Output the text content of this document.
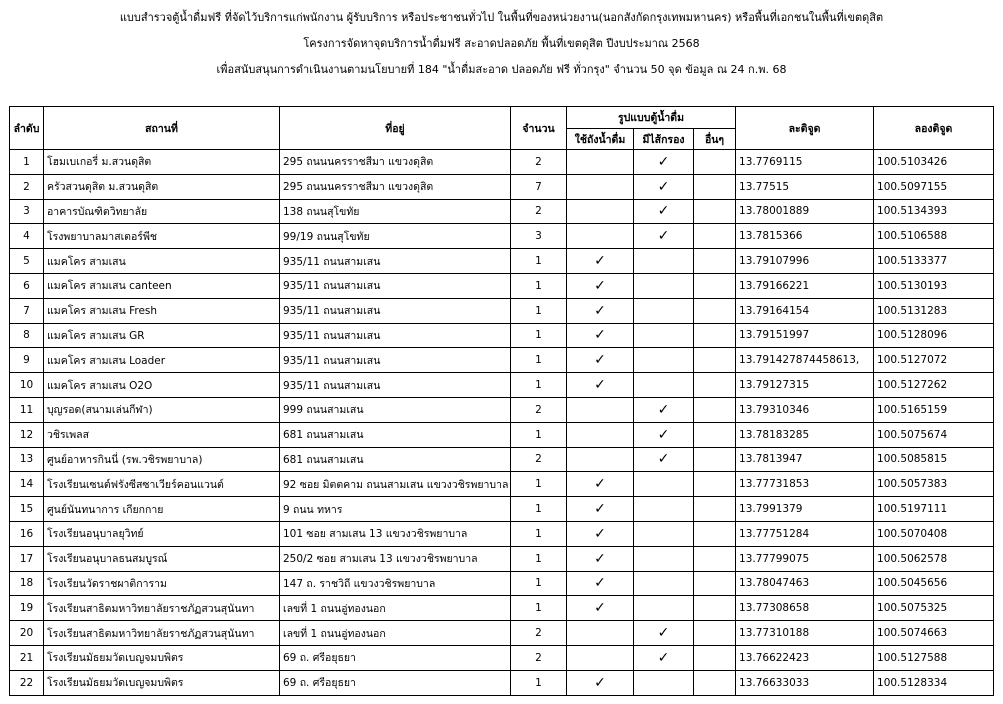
แบบสำรวจตู้น้ำดื่มฟรี ที่จัดไว้บริการแก่พนักงาน ผู้รับบริการ หรือประชาชนทั่วไป ในพื้นที่ของหน่วยงาน(นอกสังกัดกรุงเทพมหานคร) หรือพื้นที่เอกชนในพื้นที่เขตดุสิต
โครงการจัดหาจุดบริการน้ำดื่มฟรี สะอาดปลอดภัย พื้นที่เขตดุสิต ปีงบประมาณ 2568
เพื่อสนับสนุนการดำเนินงานตามนโยบายที่ 184 "น้ำดื่มสะอาด ปลอดภัย ฟรี ทั่วกรุง" จำนวน 50 จุด ข้อมูล ณ 24 ก.พ. 68
ลำดับ	สถานที่	ที่อยู่	จำนวน	รูปแบบตู้น้ำดื่ม			ละติจูด	ลองติจูด
				ใช้ถังน้ำดื่ม	มีไส้กรอง	อื่นๆ		
1	โฮมเบเกอรี่ ม.สวนดุสิต	295 ถนนนครราชสีมา แขวงดุสิต	2		✓		13.7769115	100.5103426
2	ครัวสวนดุสิต ม.สวนดุสิต	295 ถนนนครราชสีมา แขวงดุสิต	7		✓		13.77515	100.5097155
3	อาคารบัณฑิตวิทยาลัย	138 ถนนสุโขทัย	2		✓		13.78001889	100.5134393
4	โรงพยาบาลมาสเตอร์พีช	99/19 ถนนสุโขทัย	3		✓		13.7815366	100.5106588
5	แมคโคร สามเสน	935/11 ถนนสามเสน	1	✓			13.79107996	100.5133377
6	แมคโคร สามเสน canteen	935/11 ถนนสามเสน	1	✓			13.79166221	100.5130193
7	แมคโคร สามเสน Fresh	935/11 ถนนสามเสน	1	✓			13.79164154	100.5131283
8	แมคโคร สามเสน GR	935/11 ถนนสามเสน	1	✓			13.79151997	100.5128096
9	แมคโคร สามเสน Loader	935/11 ถนนสามเสน	1	✓			13.791427874458613,	100.5127072
10	แมคโคร สามเสน O2O	935/11 ถนนสามเสน	1	✓			13.79127315	100.5127262
11	บุญรอด(สนามเล่นกีฬา)	999 ถนนสามเสน	2		✓		13.79310346	100.5165159
12	วชิรเพลส	681 ถนนสามเสน	1		✓		13.78183285	100.5075674
13	ศูนย์อาหารกินนี่ (รพ.วชิรพยาบาล)	681 ถนนสามเสน	2		✓		13.7813947	100.5085815
14	โรงเรียนเซนต์ฟรังซีสซาเวียร์คอนแวนต์	92 ซอย มิตตคาม ถนนสามเสน แขวงวชิรพยาบาล	1	✓			13.77731853	100.5057383
15	ศูนย์นันทนาการ เกียกกาย	9 ถนน ทหาร	1	✓			13.7991379	100.5197111
16	โรงเรียนอนุบาลยุวิทย์	101 ซอย สามเสน 13 แขวงวชิรพยาบาล	1	✓			13.77751284	100.5070408
17	โรงเรียนอนุบาลธนสมบูรณ์	250/2 ซอย สามเสน 13 แขวงวชิรพยาบาล	1	✓			13.77799075	100.5062578
18	โรงเรียนวัดราชผาติการาม	147 ถ. ราชวิถี แขวงวชิรพยาบาล	1	✓			13.78047463	100.5045656
19	โรงเรียนสาธิตมหาวิทยาลัยราชภัฏสวนสุนันทา	เลขที่ 1 ถนนอู่ทองนอก	1	✓			13.77308658	100.5075325
20	โรงเรียนสาธิตมหาวิทยาลัยราชภัฏสวนสุนันทา	เลขที่ 1 ถนนอู่ทองนอก	2		✓		13.77310188	100.5074663
21	โรงเรียนมัธยมวัดเบญจมบพิตร	69 ถ. ศรีอยุธยา	2		✓		13.76622423	100.5127588
22	โรงเรียนมัธยมวัดเบญจมบพิตร	69 ถ. ศรีอยุธยา	1	✓			13.76633033	100.5128334
